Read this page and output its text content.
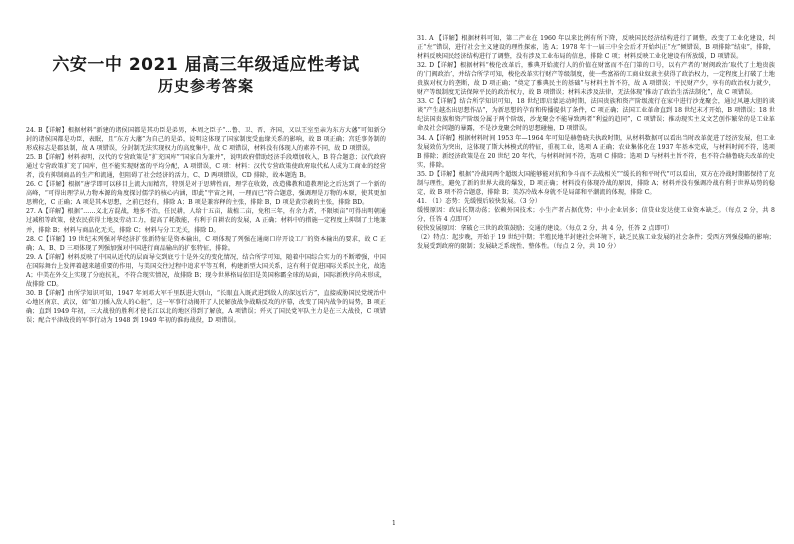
六安一中 2021 届高三年级适应性考试
历史参考答案

24. B【详解】根据材料“新建的诸侯国都是其功臣是弟男，本周之臣子“…鲁、卫、晋、齐国，又以王室至亲为东方大藩”可知新分封的诸侯国都是功臣，表眠，且“东方大藩”为自己的是弟，说明这体现了国家制度受血缘关系的影响，故 B 项正确；宫廷事务制的形成标志是郡县制，故 A 项错误，分封制无法实现权力的高度集中，故 C 项错误，材料没有体现人的素养不同，故 D 项错误。

25. B【详解】材料表明，汉代的专营政策是“扩充国库”“国家自为兼并”，说明政府借助经济手段增加收入，B 符合题意；汉代政府通过专营政策扩充了国库，但不能实现财富的平均分配，A 项错误，C 项：材料：汉代专营政策使政府取代私人成为工商业的经营者，没有抑制商品的生产和流通，但阻碍了社会经济的活力，C、D 两项错误，CD 排除，故本题选 B。

26. C【详解】根据“唐学即可以移目上流大而精宫，特别是对于思辨性而，理学在收敛，改造佛教和道教理论之后达到了一个新的高峰，“可得出理学从力物本源的角度探讨儒学的核心内涵，即此“宇宙之间，一理而已”符合题意，强调理是万物的本原，使其更加思辨化，C 正确；A 项是其本思想，之前已经有，排除 A；B 项是兼容释的主张，排除 B，D 项是黄宗羲的主张，排除 BD。

27. A【详解】根据“……义北方混战，地多不治，任民耕，人给十五亩，裁植二亩，免租三年，有余力者，不限顷亩”可得出明朝通过减租等政策，使农民获得土地及劳动工力，提高了耗散能，有利于自耕农的发展，A 正确；材料中的措施一定程度上抑制了土地兼并，排除 B；材料与商品化无关，排除 C；材料与分工无关，排除 D。

28. C【详解】19 世纪末列强对华经济扩张新特征是资本输出，C 项体现了列强在通商口岸开设工厂的资本输出的要求，故 C 正确；A、B、D 三项体现了列强加强对中国进行商品输出的扩张特征，排除。

29. A【详解】材料反映了中国从近代的层面导交到底亏十是外交的变化情况，结合所学可知，随着中国综合实力的不断增强，中国在国际舞台上发挥着越来越重要的作用，与美国交往过程中追求平等互利，构建新型大国关系，这有利于促进国际关系民主化，故选 A；中美在外交上实现了分庭抗礼，不符合现实情况，故排除 B；现今世界格局依旧是美国称霸全球的局面，国际新秩序尚未形成，故排除 CD。

30. B【详解】由所学知识可知，1947 年刘邓大军千里跃进大别山，“长眼直入既武进到敌人的深远后方”，直接威胁国民党统治中心地区南京、武汉，如“如刀插入敌人的心脏”，这一军事行动揭开了人民解放战争战略反攻的序幕，改变了国内战争的局势，B 项正确；直到 1949 年初，三大战役的胜利才使长江以北的地区得到了解放，A 项错误；歼灭了国民党军队主力是在三大战役，C 项错误；配合平津战役的军事行动为 1948 到 1949 年初的淮海战役，D 项错误。

31. A 【详解】根据材料可知，第二产业在 1960 年以来比例有所下降，反映国民经济结构进行了调整，改变了工业化建设，纠正“左”错误，进行社会主义建设的理性探索，选 A；1978 年十一届三中全会后才开始纠正“左”倾错误，B 项排除“结束”，排除，材料反映国民经济结构进行了调整，没有涉及工业布局的信息，排除 C 项；材料反映工业化建设有所放缓，D 项错误。

32. D【详解】根据材料“梭伦改革后，雅典开始流行人的价值在财富而不在门第的口号，以有产者的‘财阀政治’取代了土地贵族的‘门阀政治’，并结合所学可知，梭伦改革实行财产等级制度，使一些富裕的工商业奴隶主获得了政治权力，一定程度上打破了土地贵族对权力的垄断，故 D 项正确；“奠定了雅典民主的基础”与材料主旨不符，故 A 项错误；平民财产少，享有的政治权力就少，财产等级制度无法保障平民的政治权力，故 B 项错误；材料未涉及法律，无法体现“推动了政治生活法制化”，故 C 项错误。

33. C【详解】结合所学知识可知，18 世纪即启蒙运动时期，法国贵族和资产阶级流行在家中进行沙龙聚会，通过风趣大胆的谈谈“产生越杰出思想作品”，为新思想的孕育和传播提供了条件，C 项正确；法国工业革命直到 18 世纪末才开始，B 项错误；18 世纪法国贵族和资产阶级分属于两个阶级，沙龙聚会不能导致两者“利益的趋同”，C 项错误；推动现实主义文艺创作繁荣的是工业革命及社会问题的暴露，不是沙龙聚会时的思想碰撞，D 项错误。

34. A【详解】根据材料时间 1953 年—1964 年可知是赫鲁晓夫执政时期，从材料数据可以看出当时改革促进了经济发展，但工业发展效仿为突出，这体现了斯大林模式的特征，重视工业，选项 A 正确；农业集体化在 1937 年基本完成，与材料时间不符，选项 B 排除；新经济政策是在 20 世纪 20 年代，与材料时间不符，选项 C 排除；选项 D 与材料主旨不符，也不符合赫鲁晓夫改革的史实，排除。

35. D【详解】根据“冷战同两个超级大国能够能对抗和争斗而不去战相关”“缓长的和平时代”可以看出，双方在冷战时期都保持了克制与理性，避免了新的世界大战的爆发，D 项正确；材料没有体现冷战的原因，排除 A；材料并没有强调冷战有利于世界局势的稳定，故 B 项不符合题意，排除 B；美苏冷战本身就不是局部和平潮流的体现，排除 C。

41. （1）态势：先缓慢后较快发展。（3 分）

缓慢原因：政局长期动荡；依赖外国技术；小生产者占据优势；中小企业居多；信贷业发达使工业资本缺乏。（每点 2 分，共 8 分，任答 4 点即可）

较快发展原因：拿破仑三世的政策鼓励；交通的建设。（每点 2 分，共 4 分，任答 2 点即可）

（2）特点：起步晚，开始于 19 世纪中期；半殖民地半封建社会环境下，缺乏民族工业发展的社会条件；受西方列强侵略的影响；发展受到政府的限制；发展缺乏系统性、整体性。（每点 2 分，共 10 分）

1
